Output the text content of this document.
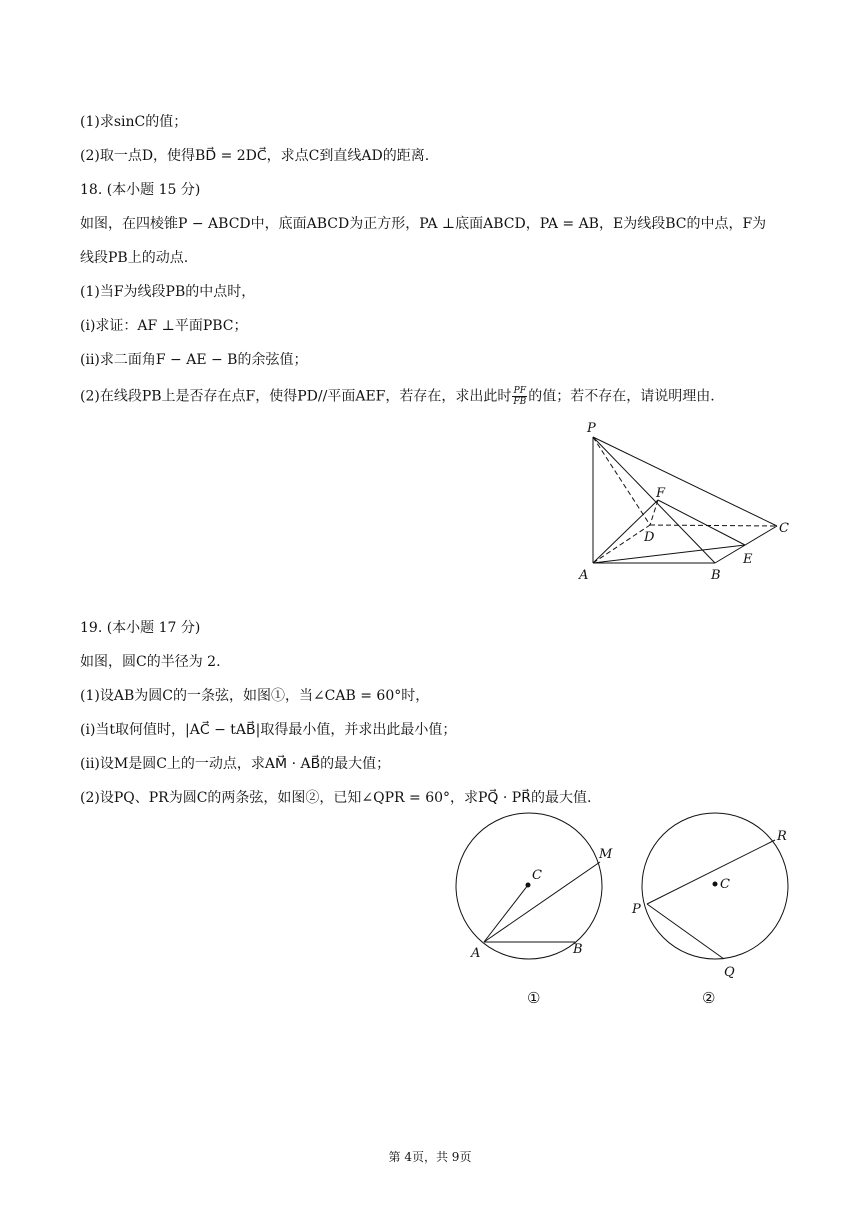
(1)求sinC的值；
(2)取一点D，使得BD⃗ = 2DC⃗，求点C到直线AD的距离.
18. (本小题 15 分)
如图，在四棱锥P − ABCD中，底面ABCD为正方形，PA ⊥底面ABCD，PA = AB，E为线段BC的中点，F为
线段PB上的动点.
(1)当F为线段PB的中点时，
(i)求证：AF ⊥平面PBC；
(ii)求二面角F − AE − B的余弦值；
(2)在线段PB上是否存在点F，使得PD//平面AEF，若存在，求出此时 $\frac{PF}{FB}$ 的值；若不存在，请说明理由.
P
F
D
C
E
A	B
19. (本小题 17 分)
如图，圆C的半径为 2.
(1)设AB为圆C的一条弦，如图①，当∠CAB = 60°时，
(i)当t取何值时，|AC⃗ − tAB⃗|取得最小值，并求出此最小值；
(ii)设M是圆C上的一动点，求AM⃗ · AB⃗的最大值；
(2)设PQ、PR为圆C的两条弦，如图②，已知∠QPR = 60°，求PQ⃗ · PR⃗的最大值.
C
M
A	B
①
C
R
P
Q
②
第 4页，共 9页
